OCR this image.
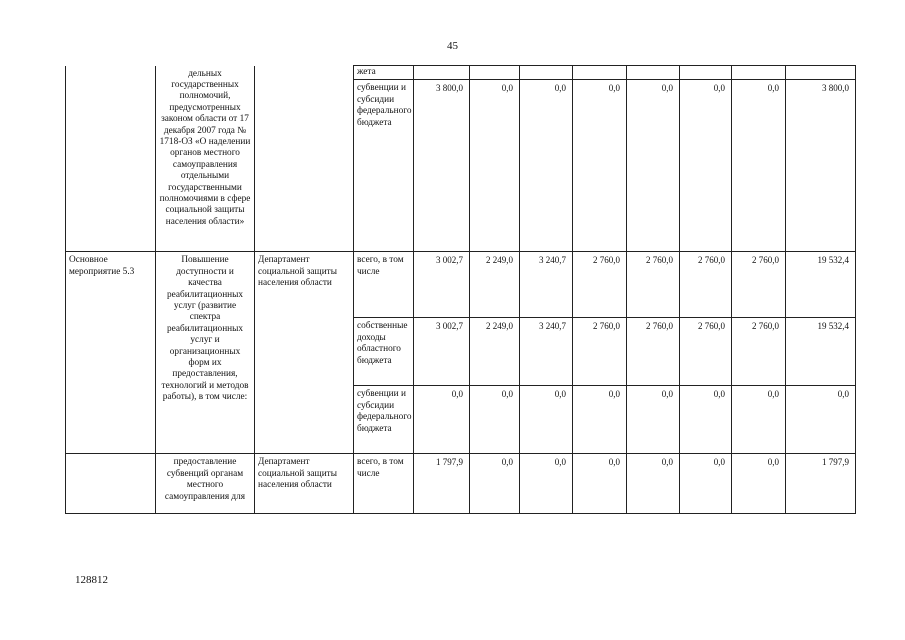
45
	дельных государственных полномочий, предусмотренных законом области от 17 декабря 2007 года № 1718-ОЗ «О наделении органов местного самоуправления отдельными государственными полномочиями в сфере социальной защиты населения области»		жета								
			субвенции и субсидии федерального бюджета	3 800,0	0,0	0,0	0,0	0,0	0,0	0,0	3 800,0
Основное мероприятие 5.3	Повышение доступности и качества реабилитационных услуг (развитие спектра реабилитационных услуг и организационных форм их предоставления, технологий и методов работы), в том числе:	Департамент социальной защиты населения области	всего, в том числе	3 002,7	2 249,0	3 240,7	2 760,0	2 760,0	2 760,0	2 760,0	19 532,4
			собственные доходы областного бюджета	3 002,7	2 249,0	3 240,7	2 760,0	2 760,0	2 760,0	2 760,0	19 532,4
			субвенции и субсидии федерального бюджета	0,0	0,0	0,0	0,0	0,0	0,0	0,0	0,0
	предоставление субвенций органам местного самоуправления для	Департамент социальной защиты населения области	всего, в том числе	1 797,9	0,0	0,0	0,0	0,0	0,0	0,0	1 797,9
128812
